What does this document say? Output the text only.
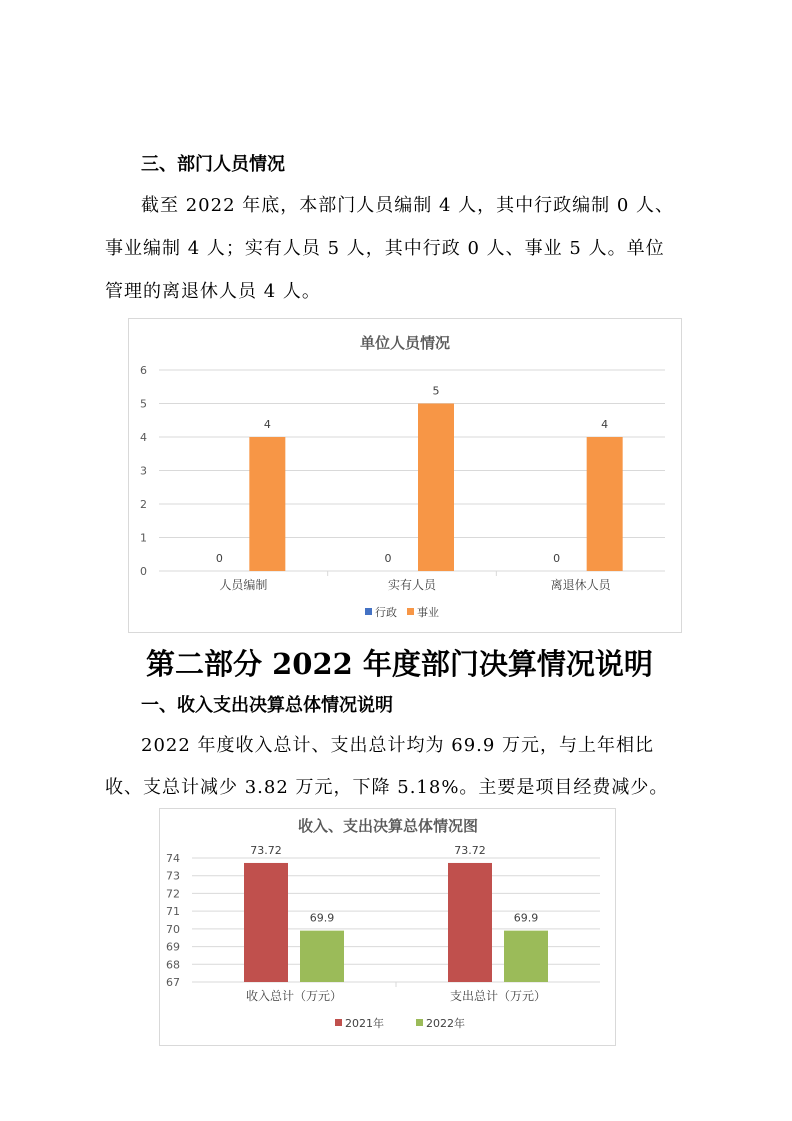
三、部门人员情况
截至 2022 年底，本部门人员编制 4 人，其中行政编制 0 人、
事业编制 4 人；实有人员 5 人，其中行政 0 人、事业 5 人。单位
管理的离退休人员 4 人。
单位人员情况
0
1
2
3
4
5
6
人员编制	实有人员	离退休人员
0	0	0
4
5
4
行政 事业
第二部分 2022 年度部门决算情况说明
一、收入支出决算总体情况说明
2022 年度收入总计、支出总计均为 69.9 万元，与上年相比
收、支总计减少 3.82 万元，下降 5.18%。主要是项目经费减少。
收入、支出决算总体情况图
67
68
69
70
71
72
73
74
收入总计（万元）	支出总计（万元）
73.72	73.72
69.9	69.9
2021年	2022年
